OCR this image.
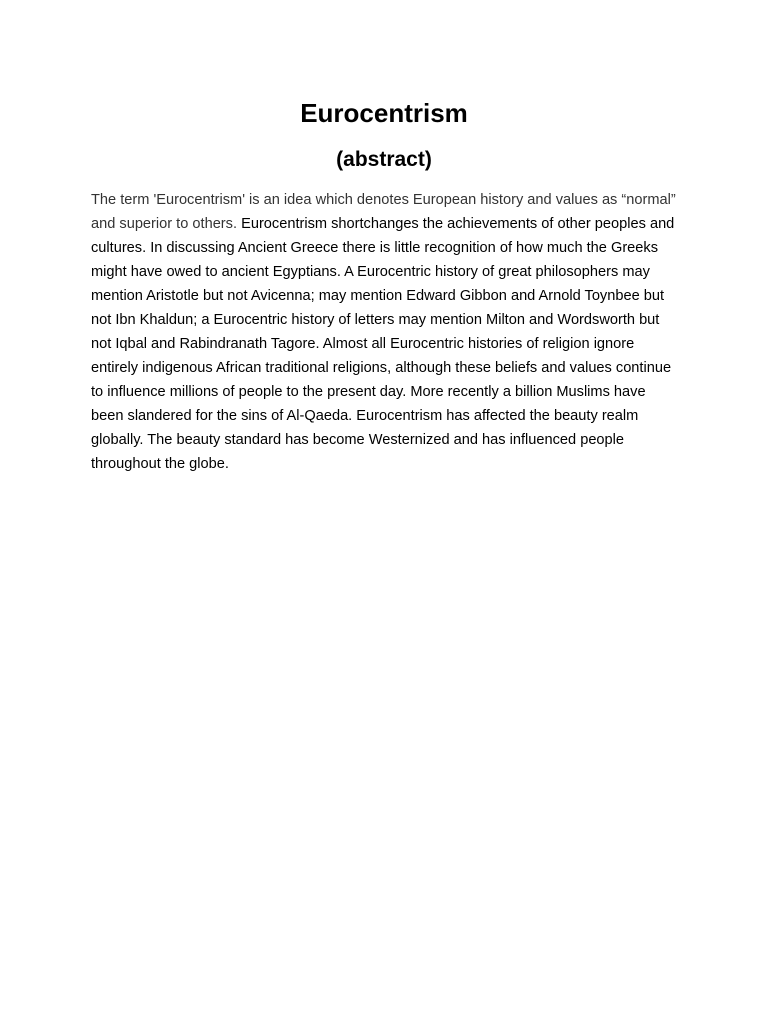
Eurocentrism
(abstract)

The term 'Eurocentrism' is an idea which denotes European history and values as “normal” and superior to others. Eurocentrism shortchanges the achievements of other peoples and cultures. In discussing Ancient Greece there is little recognition of how much the Greeks might have owed to ancient Egyptians. A Eurocentric history of great philosophers may mention Aristotle but not Avicenna; may mention Edward Gibbon and Arnold Toynbee but not Ibn Khaldun; a Eurocentric history of letters may mention Milton and Wordsworth but not Iqbal and Rabindranath Tagore. Almost all Eurocentric histories of religion ignore entirely indigenous African traditional religions, although these beliefs and values continue to influence millions of people to the present day. More recently a billion Muslims have been slandered for the sins of Al-Qaeda. Eurocentrism has affected the beauty realm globally. The beauty standard has become Westernized and has influenced people throughout the globe.
